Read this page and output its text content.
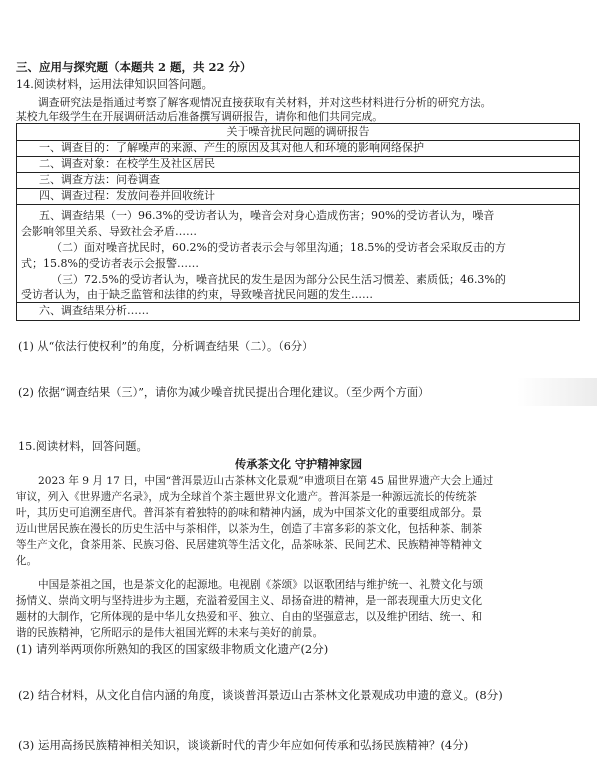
三、应用与探究题（本题共 2 题，共 22 分）
14.阅读材料，运用法律知识回答问题。
调查研究法是指通过考察了解客观情况直接获取有关材料，并对这些材料进行分析的研究方法。
某校九年级学生在开展调研活动后准备撰写调研报告，请你和他们共同完成。
关于噪音扰民问题的调研报告
一、调查目的：了解噪声的来源、产生的原因及其对他人和环境的影响网络保护
二、调查对象：在校学生及社区居民
三、调查方法：问卷调查
四、调查过程：发放问卷并回收统计
五、调查结果（一）96.3%的受访者认为，噪音会对身心造成伤害；90%的受访者认为，噪音
会影响邻里关系、导致社会矛盾……
（二）面对噪音扰民时，60.2%的受访者表示会与邻里沟通；18.5%的受访者会采取反击的方
式；15.8%的受访者表示会报警……
（三）72.5%的受访者认为，噪音扰民的发生是因为部分公民生活习惯差、素质低；46.3%的
受访者认为，由于缺乏监管和法律的约束，导致噪音扰民问题的发生……
六、调查结果分析……
(1) 从“依法行使权利”的角度，分析调查结果（二）。（6分）
(2) 依据“调查结果（三）”，请你为减少噪音扰民提出合理化建议。（至少两个方面）
15.阅读材料，回答问题。
传承茶文化 守护精神家园
2023 年 9 月 17 日，中国“普洱景迈山古茶林文化景观”申遗项目在第 45 届世界遗产大会上通过
审议，列入《世界遗产名录》，成为全球首个茶主题世界文化遗产。普洱茶是一种源远流长的传统茶
叶，其历史可追溯至唐代。普洱茶有着独特的韵味和精神内涵，成为中国茶文化的重要组成部分。景
迈山世居民族在漫长的历史生活中与茶相伴，以茶为生，创造了丰富多彩的茶文化，包括种茶、制茶
等生产文化，食茶用茶、民族习俗、民居建筑等生活文化，品茶咏茶、民间艺术、民族精神等精神文
化。
中国是茶祖之国，也是茶文化的起源地。电视剧《茶颂》以讴歌团结与维护统一、礼赞文化与颂
扬情义、崇尚文明与坚持进步为主题，充溢着爱国主义、昂扬奋进的精神，是一部表现重大历史文化
题材的大制作，它所体现的是中华儿女热爱和平、独立、自由的坚强意志，以及维护团结、统一、和
谐的民族精神，它所昭示的是伟大祖国光辉的未来与美好的前景。
(1) 请列举两项你所熟知的我区的国家级非物质文化遗产(2分)
(2) 结合材料，从文化自信内涵的角度，谈谈普洱景迈山古茶林文化景观成功申遗的意义。(8分)
(3) 运用高扬民族精神相关知识，谈谈新时代的青少年应如何传承和弘扬民族精神？(4分)
